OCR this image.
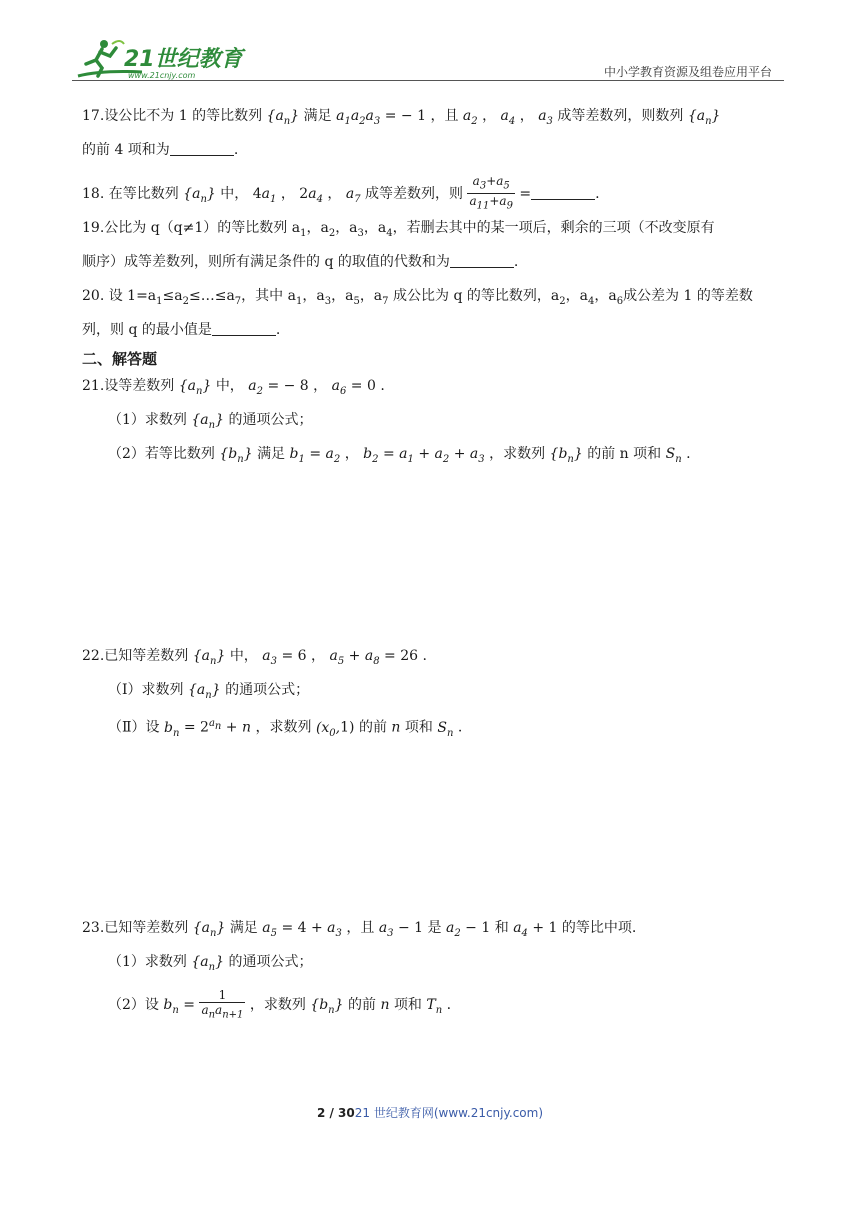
21世纪教育
www.21cnjy.com	中小学教育资源及组卷应用平台
17.设公比不为 1 的等比数列 $\{a_n\}$ 满足 $a_1a_2a_3$ = − 1 ，且 $a_2$ ， $a_4$ ， $a_3$ 成等差数列，则数列 $\{a_n\}$
的前 4 项和为	.
18. 在等比数列 $\{a_n\}$ 中， $4a_1$ ， $2a_4$ ， $a_7$ 成等差数列，则 $\frac{a_3+a_5}{a_{11}+a_9}$ =	.
19.公比为 q（q≠1）的等比数列 $a_1$，$a_2$，$a_3$，$a_4$，若删去其中的某一项后，剩余的三项（不改变原有
顺序）成等差数列，则所有满足条件的 q 的取值的代数和为	.
20. 设 $1=a_1\le a_2\le\dots\le a_7$，其中 $a_1$，$a_3$，$a_5$，$a_7$ 成公比为 q 的等比数列，$a_2$，$a_4$，$a_6$成公差为 1 的等差数
列，则 q 的最小值是	.
二、解答题
21.设等差数列 $\{a_n\}$ 中， $a_2$ = − 8 ， $a_6 = 0$ .
（1）求数列 $\{a_n\}$ 的通项公式；
（2）若等比数列 $\{b_n\}$ 满足 $b_1 = a_2$ ， $b_2 = a_1 + a_2 + a_3$ ，求数列 $\{b_n\}$ 的前 n 项和 $S_n$ .
22.已知等差数列 $\{a_n\}$ 中， $a_3 = 6$ ， $a_5 + a_8 = 26$ .
（Ⅰ）求数列 $\{a_n\}$ 的通项公式；
（Ⅱ）设 $b_n = 2^{a_n} + n$ ，求数列 $(x_0,1)$ 的前 n 项和 $S_n$ .
23.已知等差数列 $\{a_n\}$ 满足 $a_5 = 4 + a_3$ ，且 $a_3 - 1$ 是 $a_2 - 1$ 和 $a_4 + 1$ 的等比中项.
（1）求数列 $\{a_n\}$ 的通项公式；
（2）设 $b_n = \frac{1}{a_na_{n+1}}$ ，求数列 $\{b_n\}$ 的前 n 项和 $T_n$ .
2 / 3021 世纪教育网(www.21cnjy.com)
